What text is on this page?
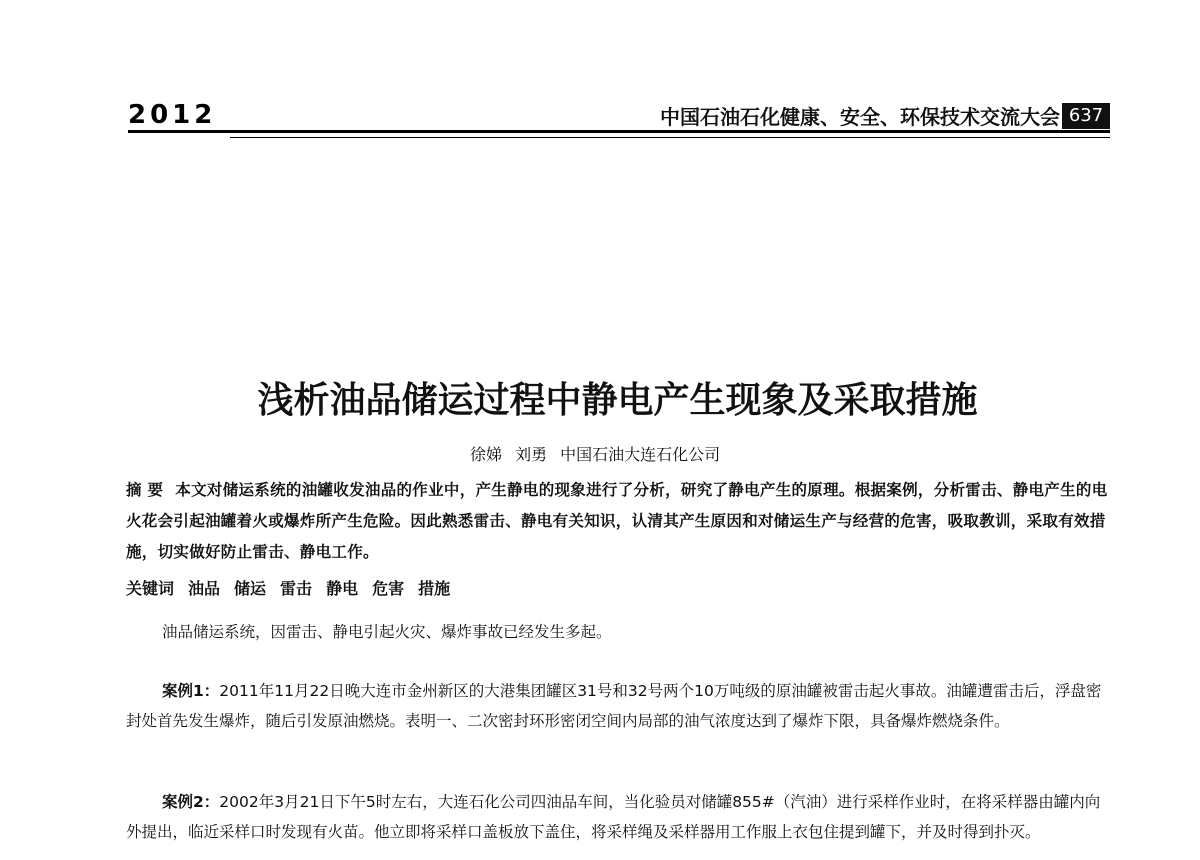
2012	中国石油石化健康、安全、环保技术交流大会 637
浅析油品储运过程中静电产生现象及采取措施
徐娣 刘勇 中国石油大连石化公司

摘 要 本文对储运系统的油罐收发油品的作业中，产生静电的现象进行了分析，研究了静电产生的原理。根据案例，分析雷击、静电产生的电火花会引起油罐着火或爆炸所产生危险。因此熟悉雷击、静电有关知识，认清其产生原因和对储运生产与经营的危害，吸取教训，采取有效措施，切实做好防止雷击、静电工作。

关键词 油品 储运 雷击 静电 危害 措施

油品储运系统，因雷击、静电引起火灾、爆炸事故已经发生多起。

案例1：2011年11月22日晚大连市金州新区的大港集团罐区31号和32号两个10万吨级的原油罐被雷击起火事故。油罐遭雷击后，浮盘密封处首先发生爆炸，随后引发原油燃烧。表明一、二次密封环形密闭空间内局部的油气浓度达到了爆炸下限，具备爆炸燃烧条件。

案例2：2002年3月21日下午5时左右，大连石化公司四油品车间，当化验员对储罐855#（汽油）进行采样作业时，在将采样器由罐内向外提出，临近采样口时发现有火苗。他立即将采样口盖板放下盖住，将采样绳及采样器用工作服上衣包住提到罐下，并及时得到扑灭。
